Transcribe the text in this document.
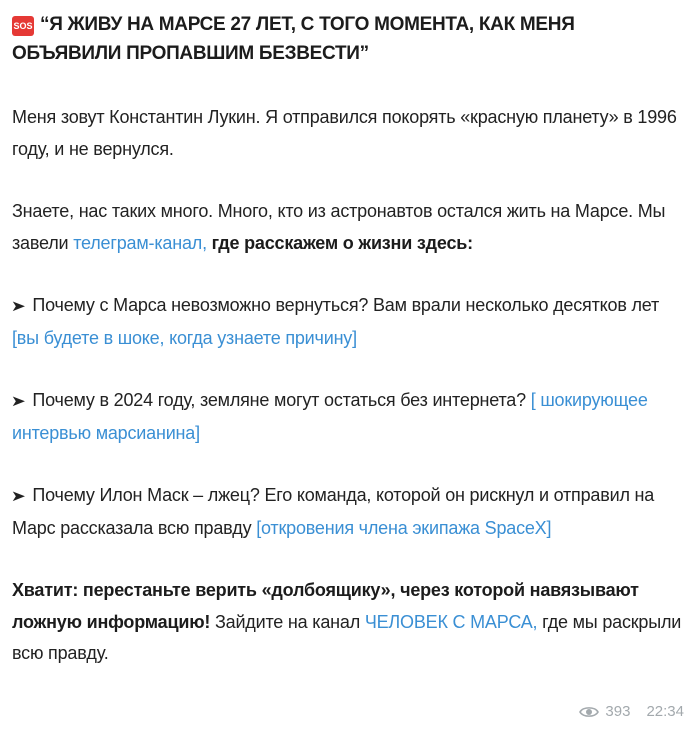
SOS “Я ЖИВУ НА МАРСЕ 27 ЛЕТ, С ТОГО МОМЕНТА, КАК МЕНЯ ОБЪЯВИЛИ ПРОПАВШИМ БЕЗВЕСТИ”
Меня зовут Константин Лукин. Я отправился покорять «красную планету» в 1996 году, и не вернулся.
Знаете, нас таких много. Много, кто из астронавтов остался жить на Марсе. Мы завели телеграм-канал, где расскажем о жизни здесь:
➤ Почему с Марса невозможно вернуться? Вам врали несколько десятков лет [вы будете в шоке, когда узнаете причину]
➤ Почему в 2024 году, земляне могут остаться без интернета? [ шокирующее интервью марсианина]
➤ Почему Илон Маск – лжец? Его команда, которой он рискнул и отправил на Марс рассказала всю правду [откровения члена экипажа SpaceX]
Хватит: перестаньте верить «долбоящику», через которой навязывают ложную информацию! Зайдите на канал ЧЕЛОВЕК С МАРСА, где мы раскрыли всю правду.
393 22:34
